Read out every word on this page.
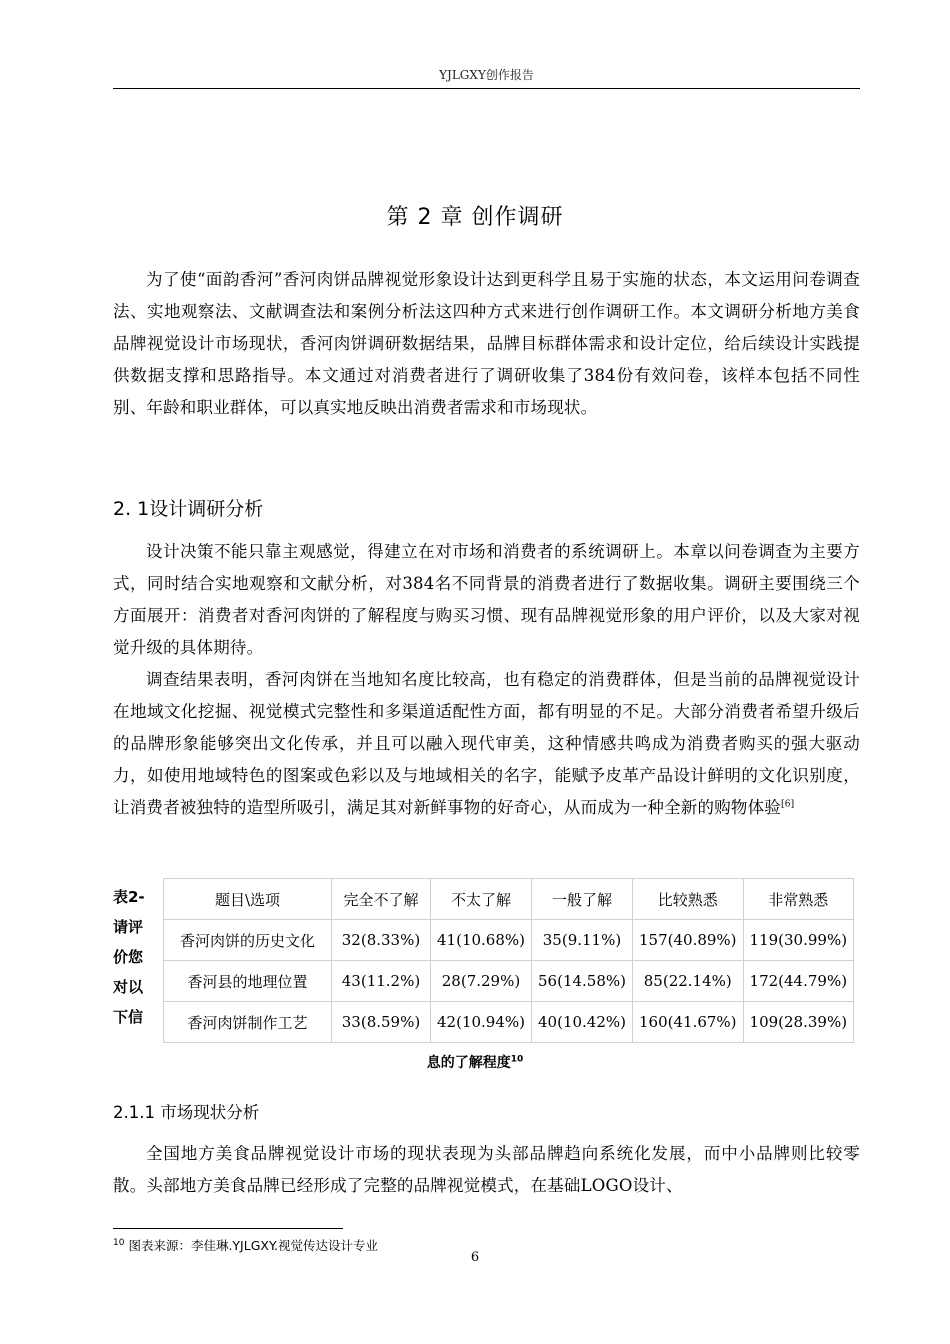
YJLGXY创作报告
第 2 章 创作调研

为了使“面韵香河”香河肉饼品牌视觉形象设计达到更科学且易于实施的状态，本文运用问卷调查法、实地观察法、文献调查法和案例分析法这四种方式来进行创作调研工作。本文调研分析地方美食品牌视觉设计市场现状，香河肉饼调研数据结果，品牌目标群体需求和设计定位，给后续设计实践提供数据支撑和思路指导。本文通过对消费者进行了调研收集了384份有效问卷，该样本包括不同性别、年龄和职业群体，可以真实地反映出消费者需求和市场现状。

2. 1设计调研分析

设计决策不能只靠主观感觉，得建立在对市场和消费者的系统调研上。本章以问卷调查为主要方式，同时结合实地观察和文献分析，对384名不同背景的消费者进行了数据收集。调研主要围绕三个方面展开：消费者对香河肉饼的了解程度与购买习惯、现有品牌视觉形象的用户评价，以及大家对视觉升级的具体期待。

调查结果表明，香河肉饼在当地知名度比较高，也有稳定的消费群体，但是当前的品牌视觉设计在地域文化挖掘、视觉模式完整性和多渠道适配性方面，都有明显的不足。大部分消费者希望升级后的品牌形象能够突出文化传承，并且可以融入现代审美，这种情感共鸣成为消费者购买的强大驱动力，如使用地域特色的图案或色彩以及与地域相关的名字，能赋予皮革产品设计鲜明的文化识别度，让消费者被独特的造型所吸引，满足其对新鲜事物的好奇心，从而成为一种全新的购物体验[6]

表2-请评价您对以下信
题目\选项	完全不了解	不太了解	一般了解	比较熟悉	非常熟悉
香河肉饼的历史文化	32(8.33%)	41(10.68%)	35(9.11%)	157(40.89%)	119(30.99%)
香河县的地理位置	43(11.2%)	28(7.29%)	56(14.58%)	85(22.14%)	172(44.79%)
香河肉饼制作工艺	33(8.59%)	42(10.94%)	40(10.42%)	160(41.67%)	109(28.39%)
息的了解程度$^{10}$
2.1.1 市场现状分析

全国地方美食品牌视觉设计市场的现状表现为头部品牌趋向系统化发展，而中小品牌则比较零散。头部地方美食品牌已经形成了完整的品牌视觉模式，在基础LOGO设计、

$^{10}$ 图表来源：李佳琳.YJLGXY.视觉传达设计专业
6
